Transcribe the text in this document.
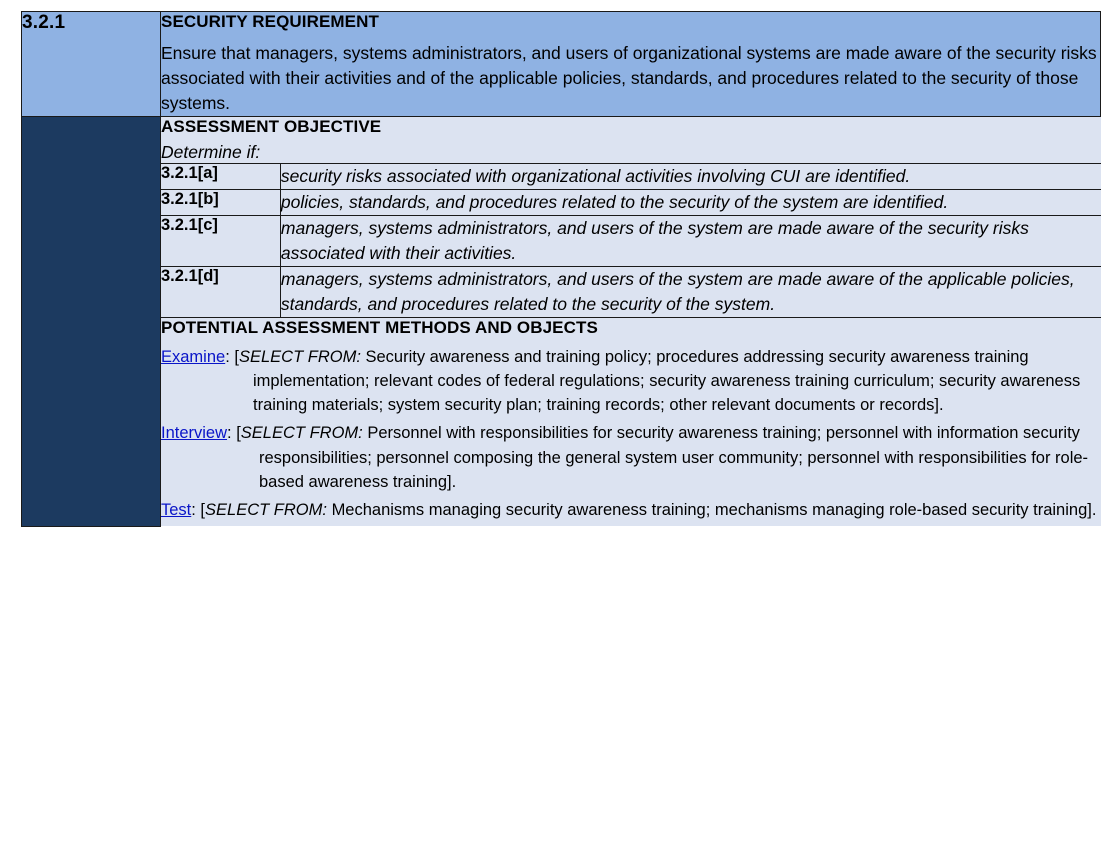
3.2.1	SECURITY REQUIREMENT
Ensure that managers, systems administrators, and users of organizational systems are made aware of the security risks associated with their activities and of the applicable policies, standards, and procedures related to the security of those systems.

ASSESSMENT OBJECTIVE
Determine if:

3.2.1[a]	security risks associated with organizational activities involving CUI are identified.
3.2.1[b]	policies, standards, and procedures related to the security of the system are identified.
3.2.1[c]	managers, systems administrators, and users of the system are made aware of the security risks associated with their activities.
3.2.1[d]	managers, systems administrators, and users of the system are made aware of the applicable policies, standards, and procedures related to the security of the system.

POTENTIAL ASSESSMENT METHODS AND OBJECTS
Examine: [SELECT FROM: Security awareness and training policy; procedures addressing security awareness training implementation; relevant codes of federal regulations; security awareness training curriculum; security awareness training materials; system security plan; training records; other relevant documents or records].
Interview: [SELECT FROM: Personnel with responsibilities for security awareness training; personnel with information security responsibilities; personnel composing the general system user community; personnel with responsibilities for role-based awareness training].
Test: [SELECT FROM: Mechanisms managing security awareness training; mechanisms managing role-based security training].
